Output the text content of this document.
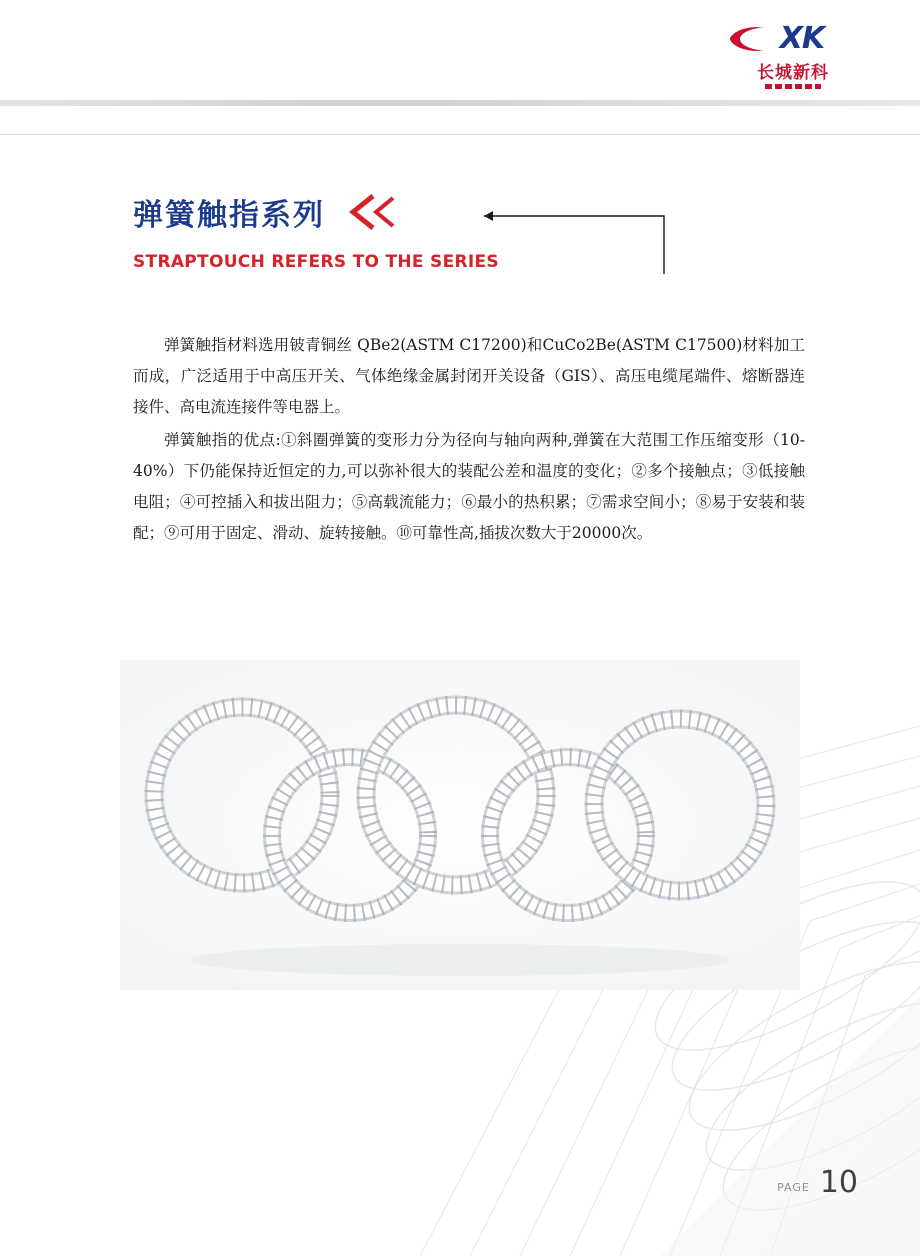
XK
长城新科
弹簧触指系列
STRAPTOUCH REFERS TO THE SERIES

弹簧触指材料选用铍青铜丝 QBe2(ASTM C17200)和CuCo2Be(ASTM C17500)材料加工而成，广泛适用于中高压开关、气体绝缘金属封闭开关设备（GIS）、高压电缆尾端件、熔断器连接件、高电流连接件等电器上。

弹簧触指的优点:①斜圈弹簧的变形力分为径向与轴向两种,弹簧在大范围工作压缩变形（10-40%）下仍能保持近恒定的力,可以弥补很大的装配公差和温度的变化；②多个接触点；③低接触电阻；④可控插入和拔出阻力；⑤高载流能力；⑥最小的热积累；⑦需求空间小；⑧易于安装和装配；⑨可用于固定、滑动、旋转接触。⑩可靠性高,插拔次数大于20000次。

PAGE 10
